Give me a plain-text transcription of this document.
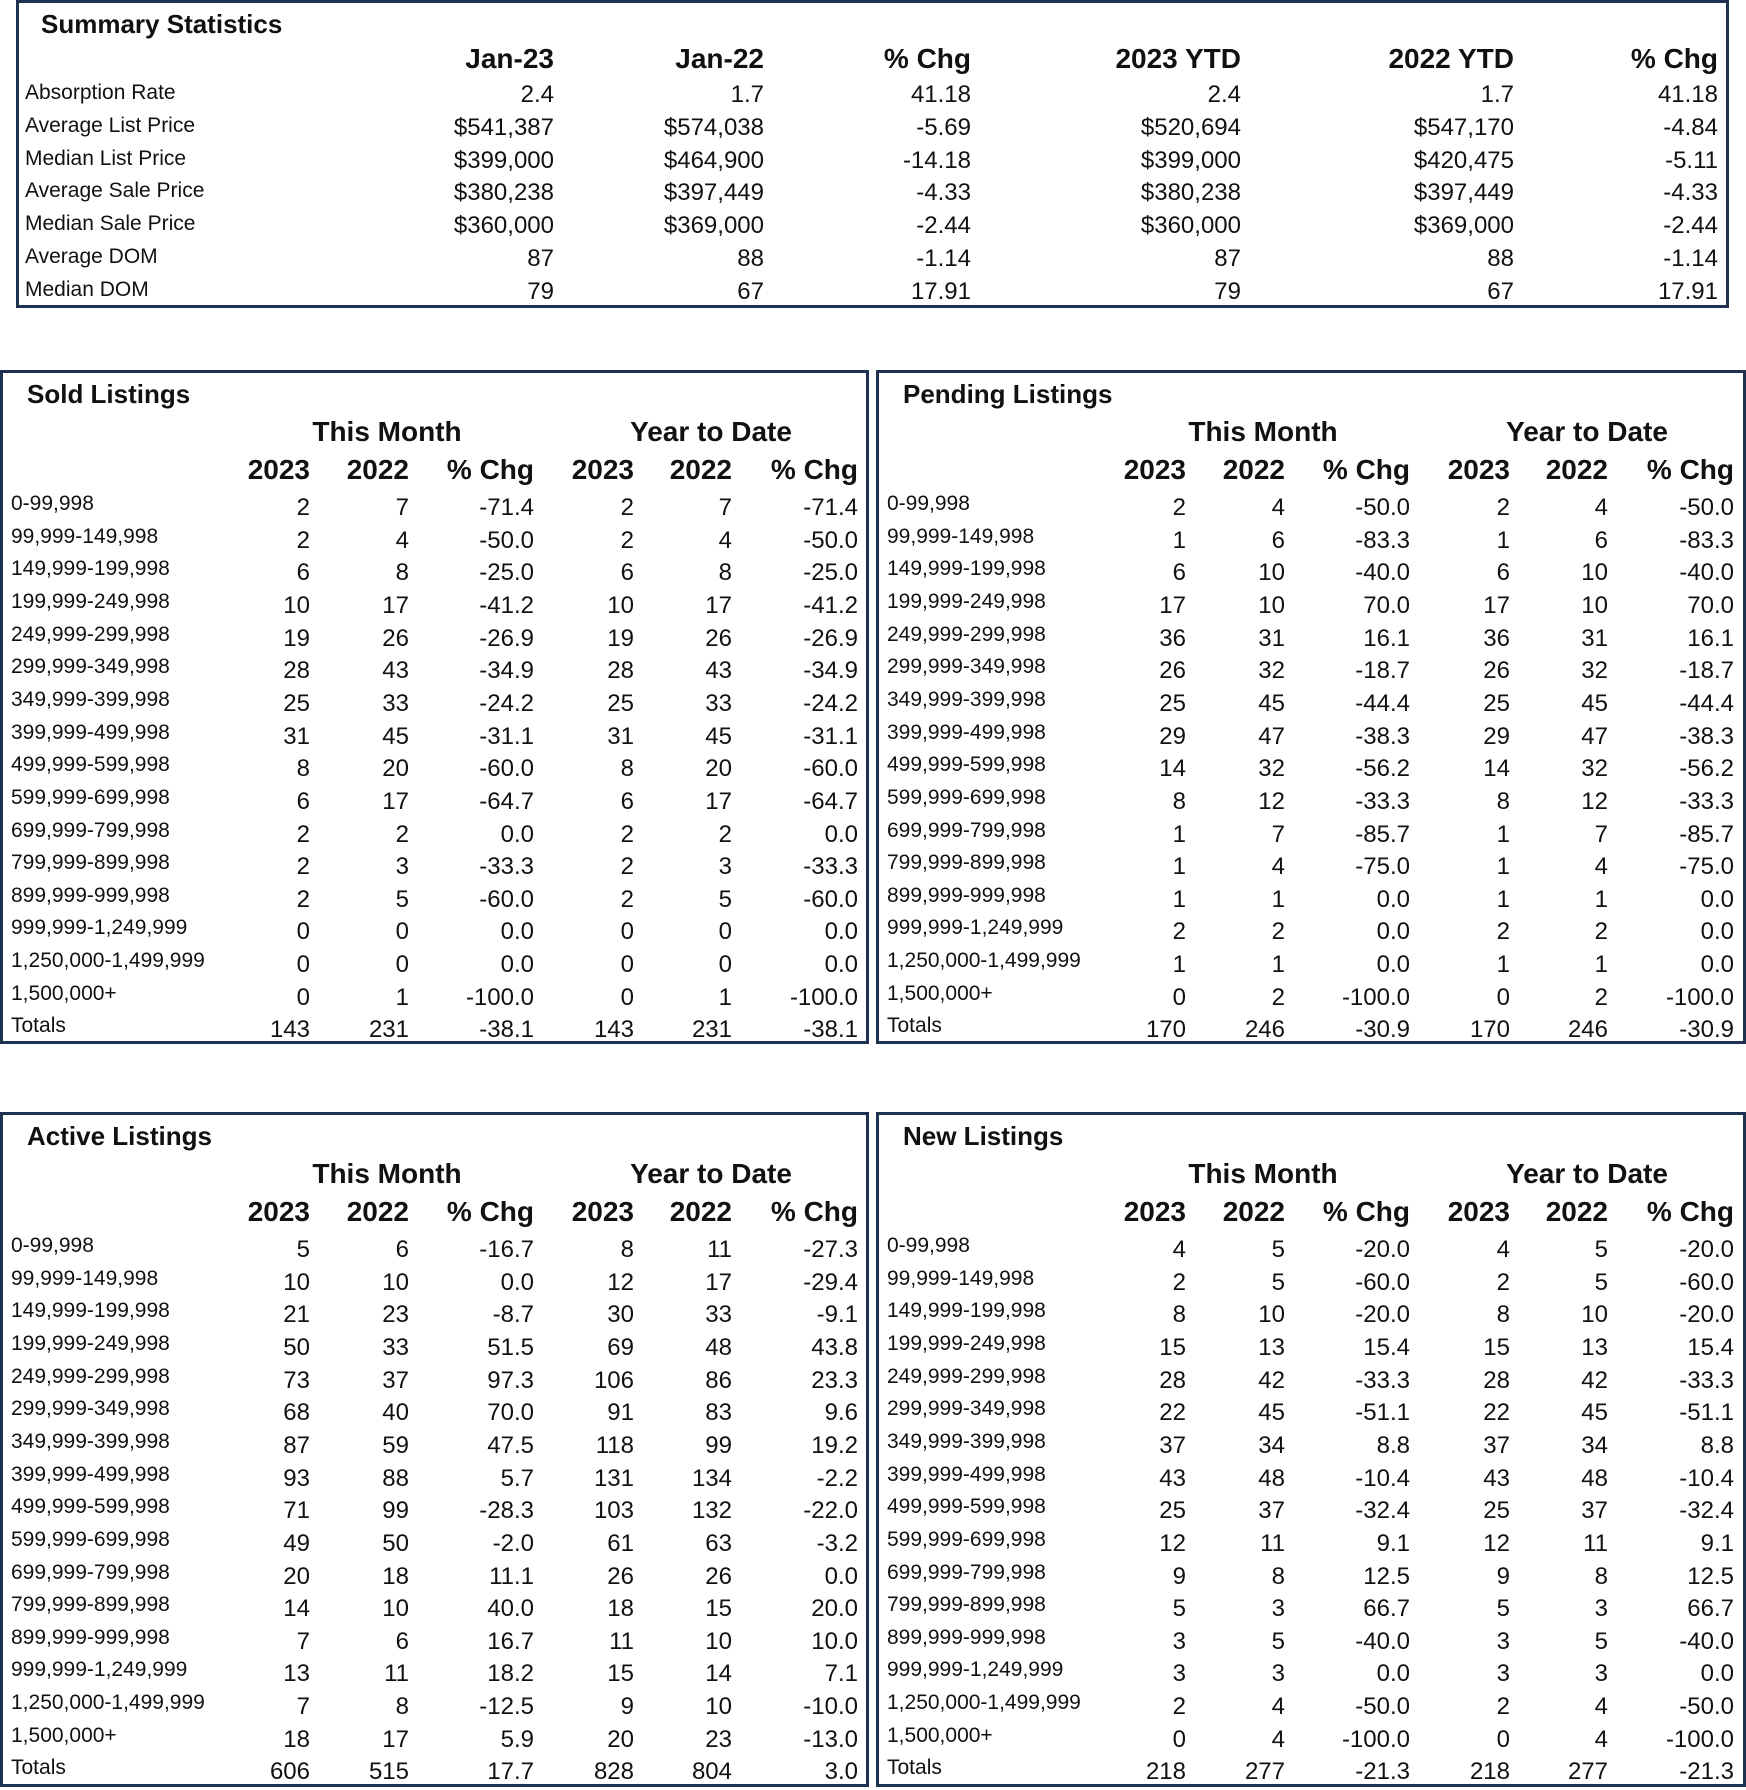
Summary Statistics
Jan-23	Jan-22	% Chg	2023 YTD	2022 YTD	% Chg
Absorption Rate	2.4	1.7	41.18	2.4	1.7	41.18
Average List Price	$541,387	$574,038	-5.69	$520,694	$547,170	-4.84
Median List Price	$399,000	$464,900	-14.18	$399,000	$420,475	-5.11
Average Sale Price	$380,238	$397,449	-4.33	$380,238	$397,449	-4.33
Median Sale Price	$360,000	$369,000	-2.44	$360,000	$369,000	-2.44
Average DOM	87	88	-1.14	87	88	-1.14
Median DOM	79	67	17.91	79	67	17.91
Sold Listings
This Month	Year to Date
2023	2022	% Chg	2023	2022	% Chg
0-99,998	2	7	-71.4	2	7	-71.4
99,999-149,998	2	4	-50.0	2	4	-50.0
149,999-199,998	6	8	-25.0	6	8	-25.0
199,999-249,998	10	17	-41.2	10	17	-41.2
249,999-299,998	19	26	-26.9	19	26	-26.9
299,999-349,998	28	43	-34.9	28	43	-34.9
349,999-399,998	25	33	-24.2	25	33	-24.2
399,999-499,998	31	45	-31.1	31	45	-31.1
499,999-599,998	8	20	-60.0	8	20	-60.0
599,999-699,998	6	17	-64.7	6	17	-64.7
699,999-799,998	2	2	0.0	2	2	0.0
799,999-899,998	2	3	-33.3	2	3	-33.3
899,999-999,998	2	5	-60.0	2	5	-60.0
999,999-1,249,999	0	0	0.0	0	0	0.0
1,250,000-1,499,999	0	0	0.0	0	0	0.0
1,500,000+	0	1	-100.0	0	1	-100.0
Totals	143	231	-38.1	143	231	-38.1
Pending Listings
This Month	Year to Date
2023	2022	% Chg	2023	2022	% Chg
0-99,998	2	4	-50.0	2	4	-50.0
99,999-149,998	1	6	-83.3	1	6	-83.3
149,999-199,998	6	10	-40.0	6	10	-40.0
199,999-249,998	17	10	70.0	17	10	70.0
249,999-299,998	36	31	16.1	36	31	16.1
299,999-349,998	26	32	-18.7	26	32	-18.7
349,999-399,998	25	45	-44.4	25	45	-44.4
399,999-499,998	29	47	-38.3	29	47	-38.3
499,999-599,998	14	32	-56.2	14	32	-56.2
599,999-699,998	8	12	-33.3	8	12	-33.3
699,999-799,998	1	7	-85.7	1	7	-85.7
799,999-899,998	1	4	-75.0	1	4	-75.0
899,999-999,998	1	1	0.0	1	1	0.0
999,999-1,249,999	2	2	0.0	2	2	0.0
1,250,000-1,499,999	1	1	0.0	1	1	0.0
1,500,000+	0	2	-100.0	0	2	-100.0
Totals	170	246	-30.9	170	246	-30.9
Active Listings
This Month	Year to Date
2023	2022	% Chg	2023	2022	% Chg
0-99,998	5	6	-16.7	8	11	-27.3
99,999-149,998	10	10	0.0	12	17	-29.4
149,999-199,998	21	23	-8.7	30	33	-9.1
199,999-249,998	50	33	51.5	69	48	43.8
249,999-299,998	73	37	97.3	106	86	23.3
299,999-349,998	68	40	70.0	91	83	9.6
349,999-399,998	87	59	47.5	118	99	19.2
399,999-499,998	93	88	5.7	131	134	-2.2
499,999-599,998	71	99	-28.3	103	132	-22.0
599,999-699,998	49	50	-2.0	61	63	-3.2
699,999-799,998	20	18	11.1	26	26	0.0
799,999-899,998	14	10	40.0	18	15	20.0
899,999-999,998	7	6	16.7	11	10	10.0
999,999-1,249,999	13	11	18.2	15	14	7.1
1,250,000-1,499,999	7	8	-12.5	9	10	-10.0
1,500,000+	18	17	5.9	20	23	-13.0
Totals	606	515	17.7	828	804	3.0
New Listings
This Month	Year to Date
2023	2022	% Chg	2023	2022	% Chg
0-99,998	4	5	-20.0	4	5	-20.0
99,999-149,998	2	5	-60.0	2	5	-60.0
149,999-199,998	8	10	-20.0	8	10	-20.0
199,999-249,998	15	13	15.4	15	13	15.4
249,999-299,998	28	42	-33.3	28	42	-33.3
299,999-349,998	22	45	-51.1	22	45	-51.1
349,999-399,998	37	34	8.8	37	34	8.8
399,999-499,998	43	48	-10.4	43	48	-10.4
499,999-599,998	25	37	-32.4	25	37	-32.4
599,999-699,998	12	11	9.1	12	11	9.1
699,999-799,998	9	8	12.5	9	8	12.5
799,999-899,998	5	3	66.7	5	3	66.7
899,999-999,998	3	5	-40.0	3	5	-40.0
999,999-1,249,999	3	3	0.0	3	3	0.0
1,250,000-1,499,999	2	4	-50.0	2	4	-50.0
1,500,000+	0	4	-100.0	0	4	-100.0
Totals	218	277	-21.3	218	277	-21.3
